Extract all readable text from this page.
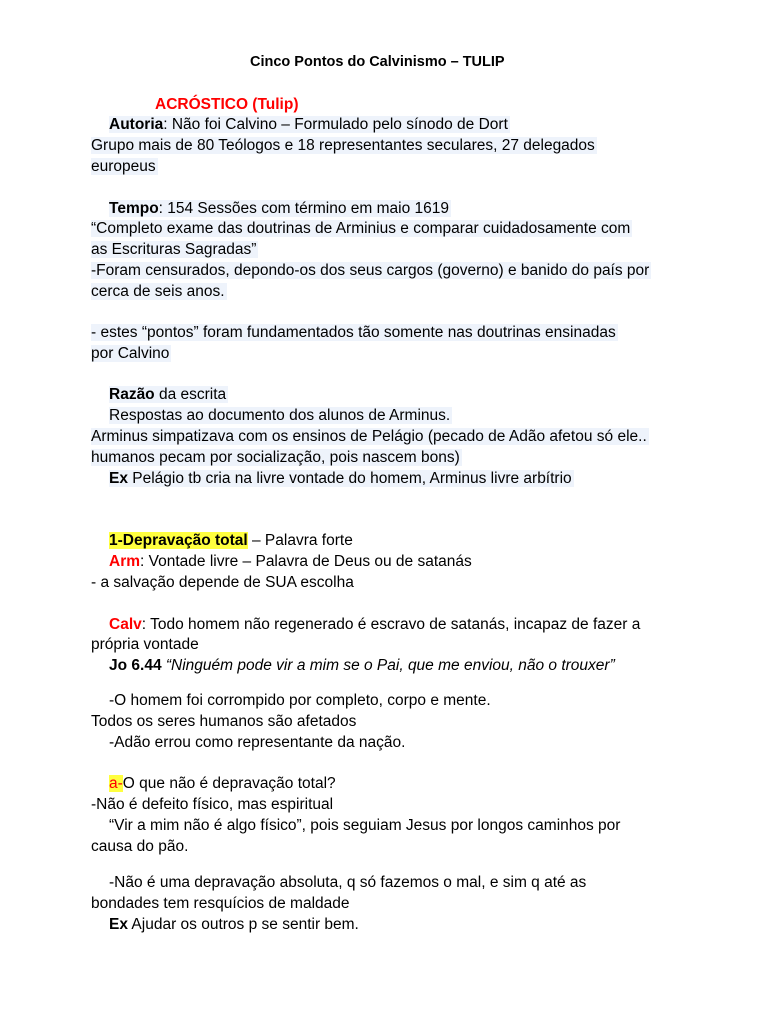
Cinco Pontos do Calvinismo – TULIP
ACRÓSTICO (Tulip)
Autoria: Não foi Calvino – Formulado pelo sínodo de Dort
Grupo mais de 80 Teólogos e 18 representantes seculares, 27 delegados
europeus
Tempo: 154 Sessões com término em maio 1619
“Completo exame das doutrinas de Arminius e comparar cuidadosamente com
as Escrituras Sagradas”
-Foram censurados, depondo-os dos seus cargos (governo) e banido do país por
cerca de seis anos.
- estes “pontos” foram fundamentados tão somente nas doutrinas ensinadas
por Calvino
Razão da escrita
Respostas ao documento dos alunos de Arminus.
Arminus simpatizava com os ensinos de Pelágio (pecado de Adão afetou só ele..
humanos pecam por socialização, pois nascem bons)
Ex Pelágio tb cria na livre vontade do homem, Arminus livre arbítrio
1-Depravação total – Palavra forte
Arm: Vontade livre – Palavra de Deus ou de satanás
- a salvação depende de SUA escolha
Calv: Todo homem não regenerado é escravo de satanás, incapaz de fazer a
própria vontade
Jo 6.44 “Ninguém pode vir a mim se o Pai, que me enviou, não o trouxer”
-O homem foi corrompido por completo, corpo e mente.
Todos os seres humanos são afetados
-Adão errou como representante da nação.
a-O que não é depravação total?
-Não é defeito físico, mas espiritual
“Vir a mim não é algo físico”, pois seguiam Jesus por longos caminhos por
causa do pão.
-Não é uma depravação absoluta, q só fazemos o mal, e sim q até as
bondades tem resquícios de maldade
Ex Ajudar os outros p se sentir bem.
